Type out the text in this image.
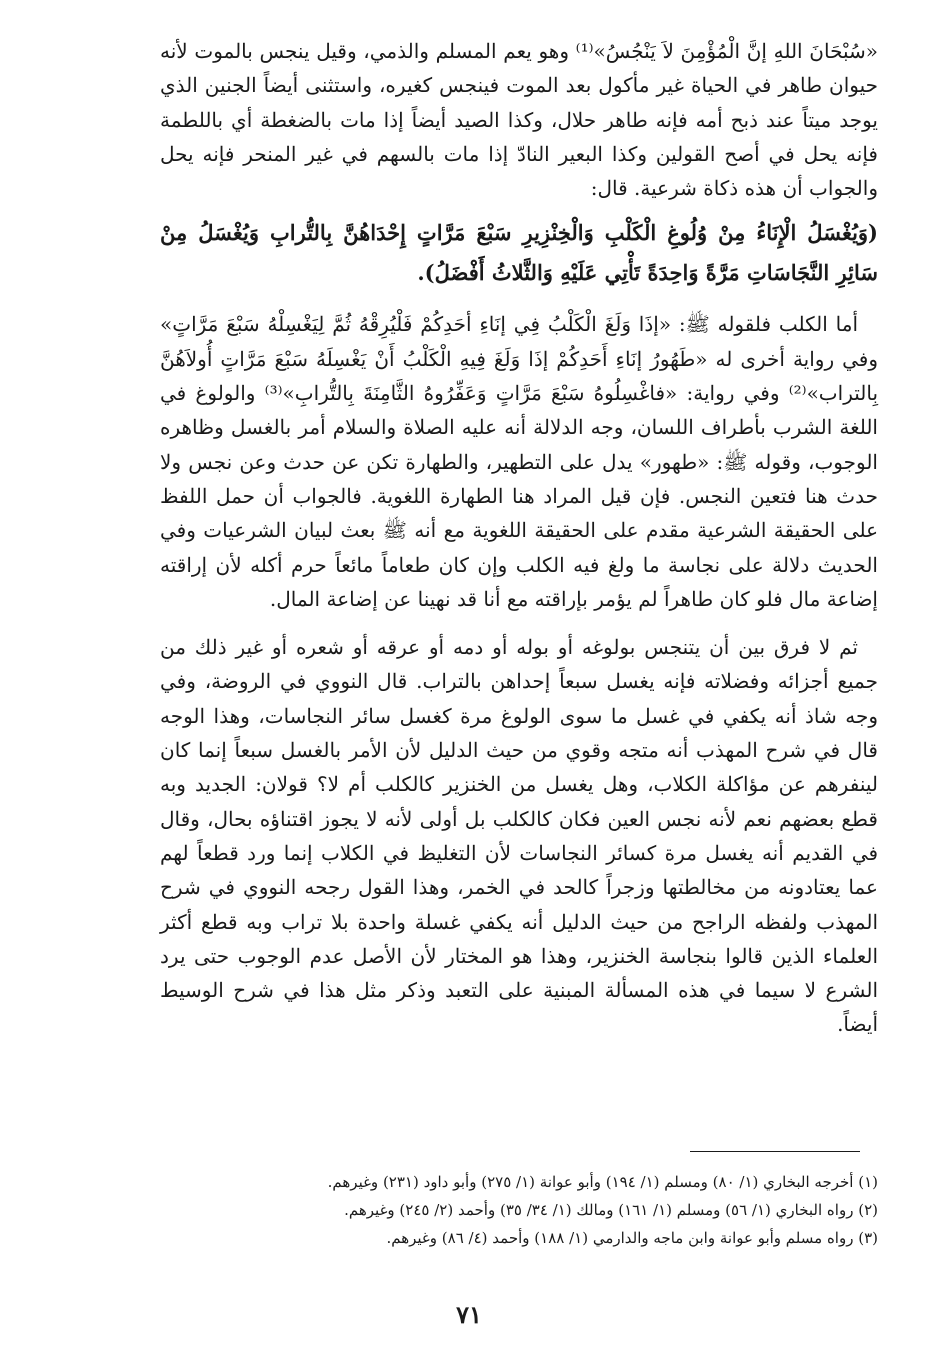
«سُبْحَانَ اللهِ إنَّ الْمُؤْمِنَ لاَ يَنْجُسُ»⁽¹⁾ وهو يعم المسلم والذمي، وقيل ينجس بالموت لأنه حيوان طاهر في الحياة غير مأكول بعد الموت فينجس كغيره، واستثنى أيضاً الجنين الذي يوجد ميتاً عند ذبح أمه فإنه طاهر حلال، وكذا الصيد أيضاً إذا مات بالضغطة أي باللطمة فإنه يحل في أصح القولين وكذا البعير النادّ إذا مات بالسهم في غير المنحر فإنه يحل والجواب أن هذه ذكاة شرعية. قال:

(وَيُغْسَلُ الْإِنَاءُ مِنْ وُلُوغِ الْكَلْبِ وَالْخِنْزِيرِ سَبْعَ مَرَّاتٍ إِحْدَاهُنَّ بِالتُّرابِ وَيُغْسَلُ مِنْ سَائِرِ النَّجَاسَاتِ مَرَّةً وَاحِدَةً تَأْتِي عَلَيْهِ وَالثَّلاثُ أَفْضَلُ).

أما الكلب فلقوله ﷺ: «إذَا وَلَغَ الْكَلْبُ فِي إنَاءِ أحَدِكُمْ فَلْيُرِقْهُ ثُمَّ لِيَغْسِلْهُ سَبْعَ مَرَّاتٍ» وفي رواية أخرى له «طَهُورُ إنَاءِ أَحَدِكُمْ إذَا وَلَغَ فِيهِ الْكَلْبُ أَنْ يَغْسِلَهُ سَبْعَ مَرَّاتٍ أُولاَهُنَّ بِالتراب»⁽²⁾ وفي رواية: «فاغْسِلُوهُ سَبْعَ مَرَّاتٍ وَعَفِّرُوهُ الثَّامِنَةَ بِالتُّرابِ»⁽³⁾ والولوغ في اللغة الشرب بأطراف اللسان، وجه الدلالة أنه عليه الصلاة والسلام أمر بالغسل وظاهره الوجوب، وقوله ﷺ: «طهور» يدل على التطهير، والطهارة تكن عن حدث وعن نجس ولا حدث هنا فتعين النجس. فإن قيل المراد هنا الطهارة اللغوية. فالجواب أن حمل اللفظ على الحقيقة الشرعية مقدم على الحقيقة اللغوية مع أنه ﷺ بعث لبيان الشرعيات وفي الحديث دلالة على نجاسة ما ولغ فيه الكلب وإن كان طعاماً مائعاً حرم أكله لأن إراقته إضاعة مال فلو كان طاهراً لم يؤمر بإراقته مع أنا قد نهينا عن إضاعة المال.

ثم لا فرق بين أن يتنجس بولوغه أو بوله أو دمه أو عرقه أو شعره أو غير ذلك من جميع أجزائه وفضلاته فإنه يغسل سبعاً إحداهن بالتراب. قال النووي في الروضة، وفي وجه شاذ أنه يكفي في غسل ما سوى الولوغ مرة كغسل سائر النجاسات، وهذا الوجه قال في شرح المهذب أنه متجه وقوي من حيث الدليل لأن الأمر بالغسل سبعاً إنما كان لينفرهم عن مؤاكلة الكلاب، وهل يغسل من الخنزير كالكلب أم لا؟ قولان: الجديد وبه قطع بعضهم نعم لأنه نجس العين فكان كالكلب بل أولى لأنه لا يجوز اقتناؤه بحال، وقال في القديم أنه يغسل مرة كسائر النجاسات لأن التغليظ في الكلاب إنما ورد قطعاً لهم عما يعتادونه من مخالطتها وزجراً كالحد في الخمر، وهذا القول رجحه النووي في شرح المهذب ولفظه الراجح من حيث الدليل أنه يكفي غسلة واحدة بلا تراب وبه قطع أكثر العلماء الذين قالوا بنجاسة الخنزير، وهذا هو المختار لأن الأصل عدم الوجوب حتى يرد الشرع لا سيما في هذه المسألة المبنية على التعبد وذكر مثل هذا في شرح الوسيط أيضاً.

(١) أخرجه البخاري (١/ ٨٠) ومسلم (١/ ١٩٤) وأبو عوانة (١/ ٢٧٥) وأبو داود (٢٣١) وغيرهم.
(٢) رواه البخاري (١/ ٥٦) ومسلم (١/ ١٦١) ومالك (١/ ٣٤/ ٣٥) وأحمد (٢/ ٢٤٥) وغيرهم.
(٣) رواه مسلم وأبو عوانة وابن ماجه والدارمي (١/ ١٨٨) وأحمد (٤/ ٨٦) وغيرهم.
٧١
